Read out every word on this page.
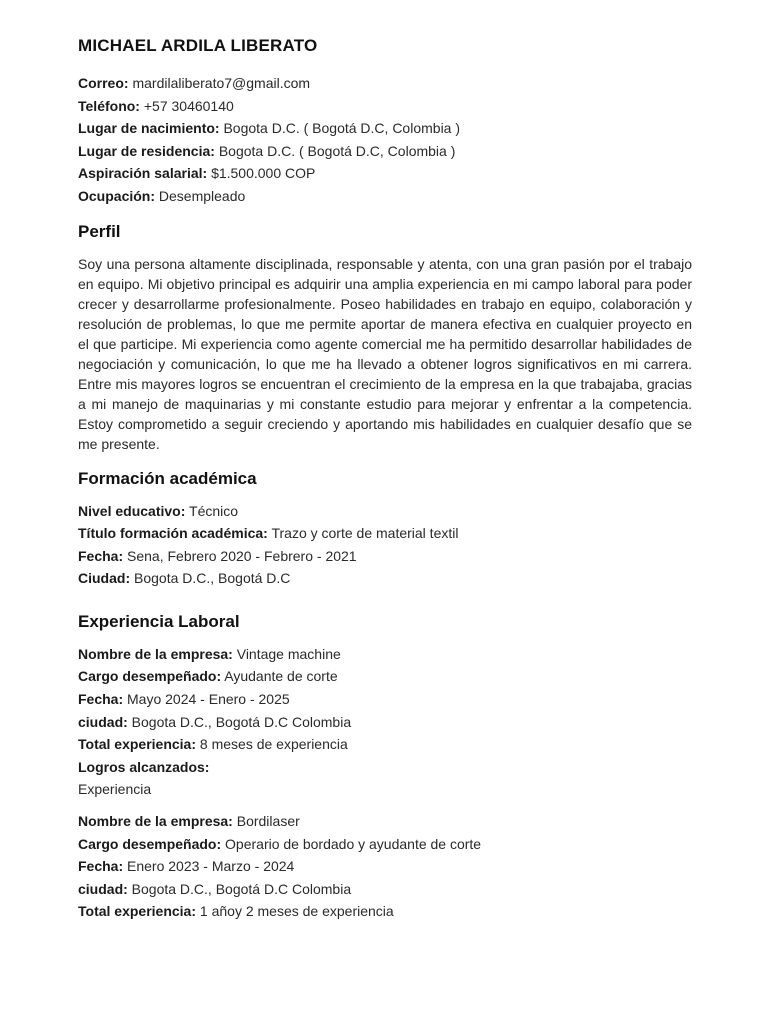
MICHAEL ARDILA LIBERATO
Correo: mardilaliberato7@gmail.com
Teléfono: +57 30460140
Lugar de nacimiento: Bogota D.C. ( Bogotá D.C, Colombia )
Lugar de residencia: Bogota D.C. ( Bogotá D.C, Colombia )
Aspiración salarial: $1.500.000 COP
Ocupación: Desempleado
Perfil

Soy una persona altamente disciplinada, responsable y atenta, con una gran pasión por el trabajo en equipo. Mi objetivo principal es adquirir una amplia experiencia en mi campo laboral para poder crecer y desarrollarme profesionalmente. Poseo habilidades en trabajo en equipo, colaboración y resolución de problemas, lo que me permite aportar de manera efectiva en cualquier proyecto en el que participe. Mi experiencia como agente comercial me ha permitido desarrollar habilidades de negociación y comunicación, lo que me ha llevado a obtener logros significativos en mi carrera. Entre mis mayores logros se encuentran el crecimiento de la empresa en la que trabajaba, gracias a mi manejo de maquinarias y mi constante estudio para mejorar y enfrentar a la competencia. Estoy comprometido a seguir creciendo y aportando mis habilidades en cualquier desafío que se me presente.

Formación académica
Nivel educativo: Técnico
Título formación académica: Trazo y corte de material textil
Fecha: Sena, Febrero 2020 - Febrero - 2021
Ciudad: Bogota D.C., Bogotá D.C
Experiencia Laboral
Nombre de la empresa: Vintage machine
Cargo desempeñado: Ayudante de corte
Fecha: Mayo 2024 - Enero - 2025
ciudad: Bogota D.C., Bogotá D.C Colombia
Total experiencia: 8 meses de experiencia
Logros alcanzados:
Experiencia
Nombre de la empresa: Bordilaser
Cargo desempeñado: Operario de bordado y ayudante de corte
Fecha: Enero 2023 - Marzo - 2024
ciudad: Bogota D.C., Bogotá D.C Colombia
Total experiencia: 1 añoy 2 meses de experiencia
